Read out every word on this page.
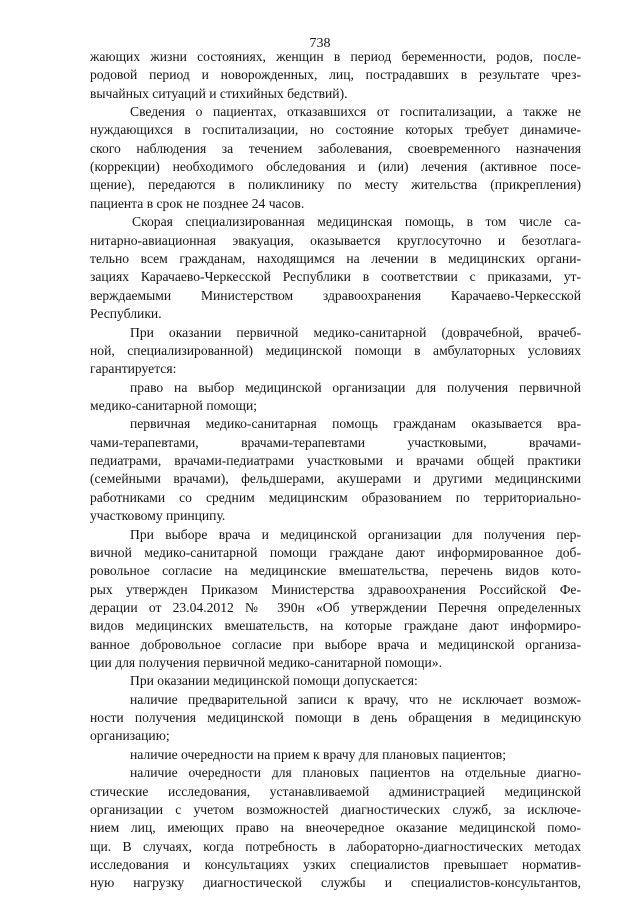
738
жающих жизни состояниях, женщин в период беременности, родов, после-
родовой период и новорожденных, лиц, пострадавших в результате чрез-
вычайных ситуаций и стихийных бедствий).
Сведения о пациентах, отказавшихся от госпитализации, а также не
нуждающихся в госпитализации, но состояние которых требует динамиче-
ского наблюдения за течением заболевания, своевременного назначения
(коррекции) необходимого обследования и (или) лечения (активное посе-
щение), передаются в поликлинику по месту жительства (прикрепления)
пациента в срок не позднее 24 часов.
Скорая специализированная медицинская помощь, в том числе са-
нитарно-авиационная эвакуация, оказывается круглосуточно и безотлага-
тельно всем гражданам, находящимся на лечении в медицинских органи-
зациях Карачаево-Черкесской Республики в соответствии с приказами, ут-
верждаемыми Министерством здравоохранения Карачаево-Черкесской
Республики.
При оказании первичной медико-санитарной (доврачебной, врачеб-
ной, специализированной) медицинской помощи в амбулаторных условиях
гарантируется:
право на выбор медицинской организации для получения первичной
медико-санитарной помощи;
первичная медико-санитарная помощь гражданам оказывается вра-
чами-терапевтами, врачами-терапевтами участковыми, врачами-
педиатрами, врачами-педиатрами участковыми и врачами общей практики
(семейными врачами), фельдшерами, акушерами и другими медицинскими
работниками со средним медицинским образованием по территориально-
участковому принципу.
При выборе врача и медицинской организации для получения пер-
вичной медико-санитарной помощи граждане дают информированное доб-
ровольное согласие на медицинские вмешательства, перечень видов кото-
рых утвержден Приказом Министерства здравоохранения Российской Фе-
дерации от 23.04.2012 № 390н «Об утверждении Перечня определенных
видов медицинских вмешательств, на которые граждане дают информиро-
ванное добровольное согласие при выборе врача и медицинской организа-
ции для получения первичной медико-санитарной помощи».
При оказании медицинской помощи допускается:
наличие предварительной записи к врачу, что не исключает возмож-
ности получения медицинской помощи в день обращения в медицинскую
организацию;
наличие очередности на прием к врачу для плановых пациентов;
наличие очередности для плановых пациентов на отдельные диагно-
стические исследования, устанавливаемой администрацией медицинской
организации с учетом возможностей диагностических служб, за исключе-
нием лиц, имеющих право на внеочередное оказание медицинской помо-
щи. В случаях, когда потребность в лабораторно-диагностических методах
исследования и консультациях узких специалистов превышает норматив-
ную нагрузку диагностической службы и специалистов-консультантов,
